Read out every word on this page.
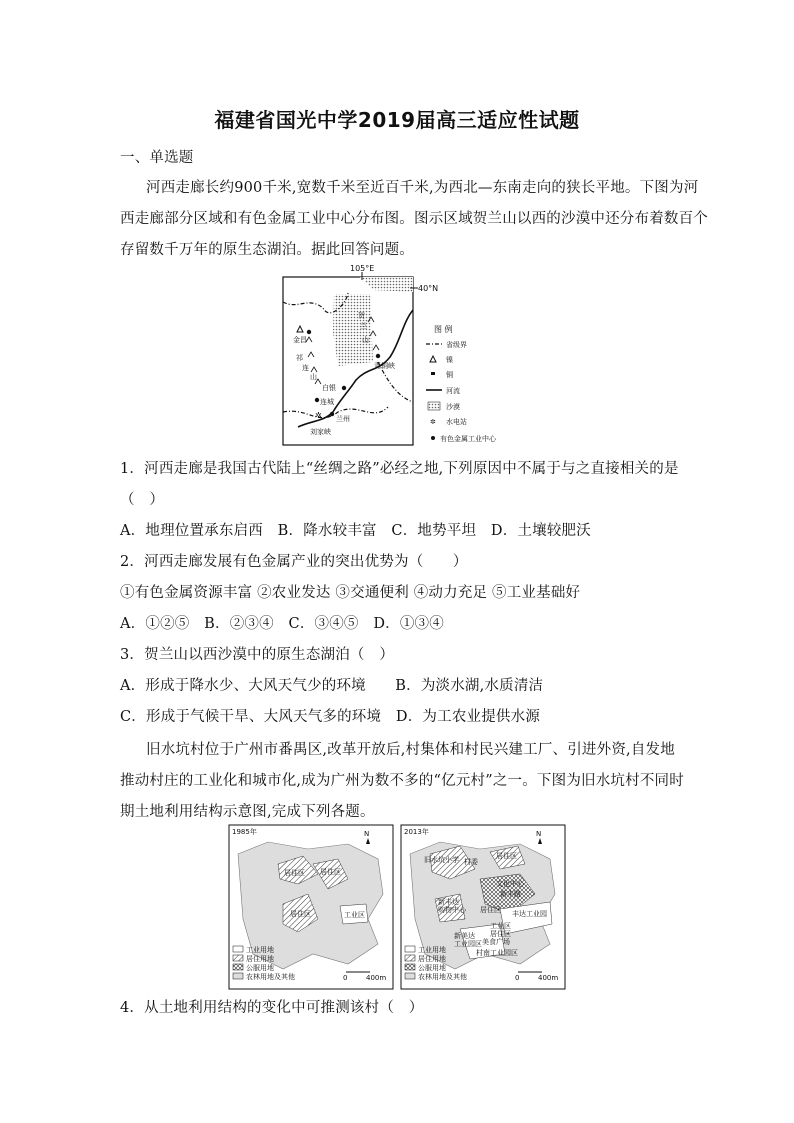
福建省国光中学2019届高三适应性试题
一、单选题
河西走廊长约900千米,宽数千米至近百千米,为西北—东南走向的狭长平地。下图为河
西走廊部分区域和有色金属工业中心分布图。图示区域贺兰山以西的沙漠中还分布着数百个
存留数千万年的原生态湖泊。据此回答问题。
105°E
40°N
✲
金昌
祁
连
山
白银
连城
兰州
刘家峡
贺
兰
山
青铜峡
图 例
省级界
镍
铜
河流
沙漠
✲ 水电站
有色金属工业中心
1．河西走廊是我国古代陆上“丝绸之路”必经之地,下列原因中不属于与之直接相关的是
（　）
A．地理位置承东启西　B．降水较丰富　C．地势平坦　D．土壤较肥沃
2．河西走廊发展有色金属产业的突出优势为（　　）
①有色金属资源丰富 ②农业发达 ③交通便利 ④动力充足 ⑤工业基础好
A．①②⑤　B．②③④　C．③④⑤　D．①③④
3．贺兰山以西沙漠中的原生态湖泊（　）
A．形成于降水少、大风天气少的环境　　B．为淡水湖,水质清洁
C．形成于气候干旱、大风天气多的环境　D．为工农业提供水源
旧水坑村位于广州市番禺区,改革开放后,村集体和村民兴建工厂、引进外资,自发地
推动村庄的工业化和城市化,成为广州为数不多的“亿元村”之一。下图为旧水坑村不同时
期土地利用结构示意图,完成下列各题。
1985年	N
居住区 居住区
工业区
居住区
工业用地
居住用地
公服用地
农林用地及其他	0	400m
2013年	N
居住区
旧水坑小学 村委
文化中心
新丰路
新丰达
购物中心 居住区 丰达工业园
工业区
居住区
新美达
工业园区 美食广场
村南工业园区
工业用地
居住用地
公服用地
农林用地及其他	0	400m
4．从土地利用结构的变化中可推测该村（　）
